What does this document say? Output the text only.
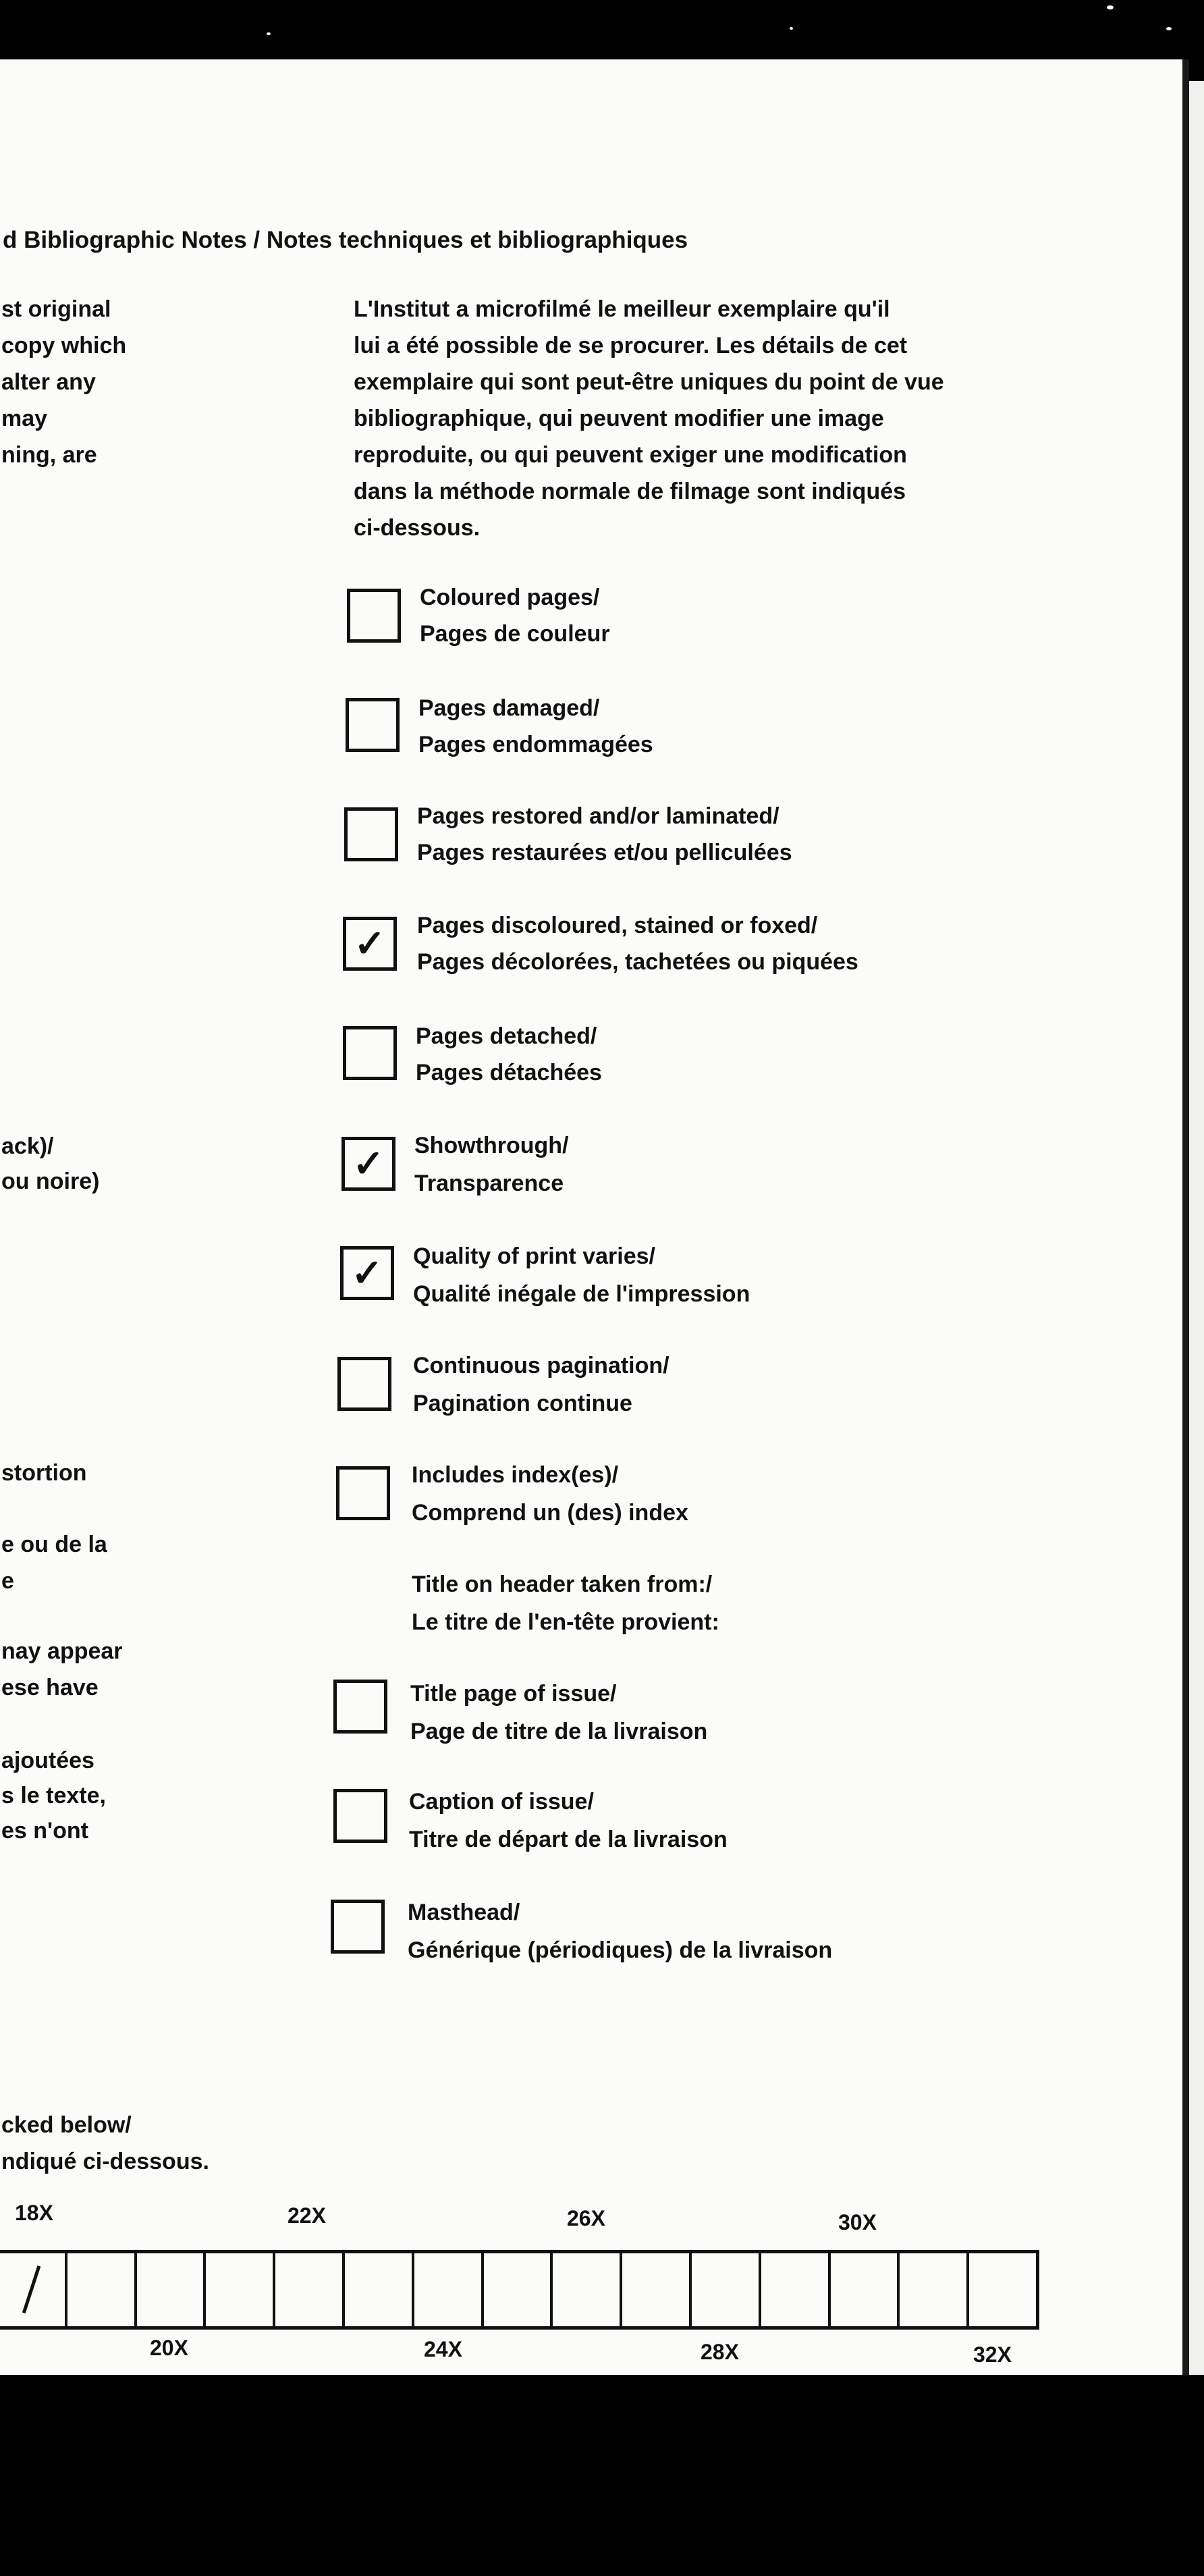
d Bibliographic Notes / Notes techniques et bibliographiques

st original

copy which

alter any

may

ning, are

ack)/

ou noire)

stortion

e ou de la

e

nay appear

ese have

ajoutées

s le texte,

es n'ont

cked below/

ndiqué ci-dessous.

L'Institut a microfilmé le meilleur exemplaire qu'il

lui a été possible de se procurer. Les détails de cet

exemplaire qui sont peut-être uniques du point de vue

bibliographique, qui peuvent modifier une image

reproduite, ou qui peuvent exiger une modification

dans la méthode normale de filmage sont indiqués

ci-dessous.

Coloured pages/
Pages de couleur
Pages damaged/
Pages endommagées
Pages restored and/or laminated/
Pages restaurées et/ou pelliculées
✓	Pages discoloured, stained or foxed/
Pages décolorées, tachetées ou piquées
Pages detached/
Pages détachées
✓	Showthrough/
Transparence
✓	Quality of print varies/
Qualité inégale de l'impression
Continuous pagination/
Pagination continue
Includes index(es)/
Comprend un (des) index
Title on header taken from:/
Le titre de l'en-tête provient:
Title page of issue/
Page de titre de la livraison
Caption of issue/
Titre de départ de la livraison
Masthead/
Générique (périodiques) de la livraison
18X	22X	26X	30X
20X	24X	28X	32X
